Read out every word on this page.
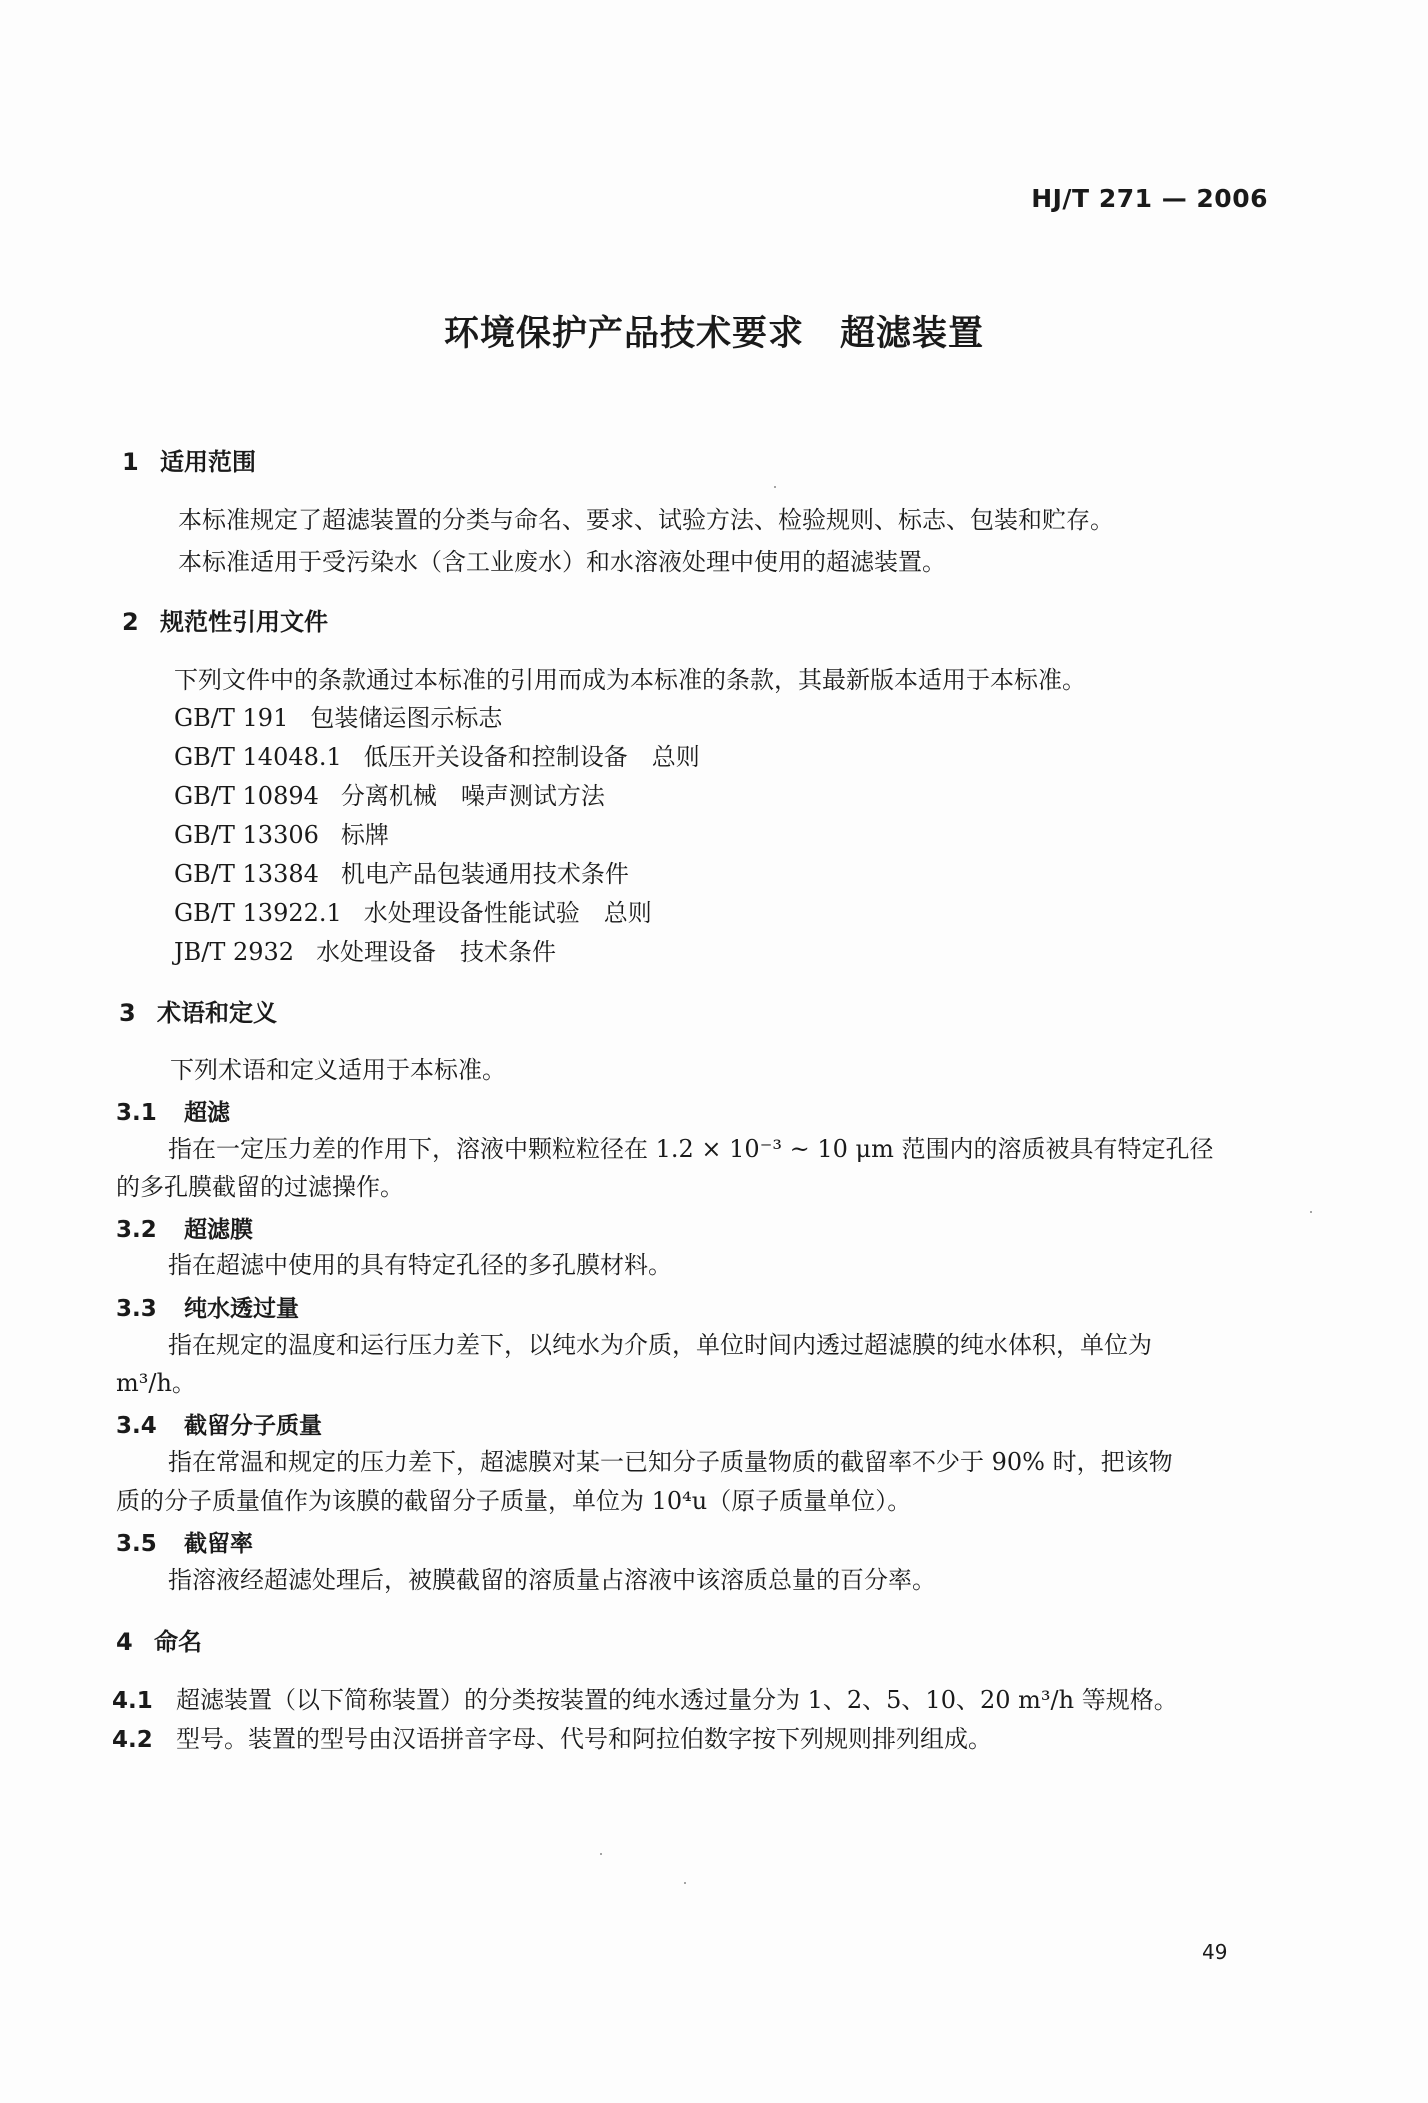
HJ/T 271 — 2006
环境保护产品技术要求　超滤装置
1 适用范围
本标准规定了超滤装置的分类与命名、要求、试验方法、检验规则、标志、包装和贮存。
本标准适用于受污染水（含工业废水）和水溶液处理中使用的超滤装置。
2 规范性引用文件
下列文件中的条款通过本标准的引用而成为本标准的条款，其最新版本适用于本标准。
GB/T 191 包装储运图示标志
GB/T 14048.1 低压开关设备和控制设备　总则
GB/T 10894 分离机械　噪声测试方法
GB/T 13306 标牌
GB/T 13384 机电产品包装通用技术条件
GB/T 13922.1 水处理设备性能试验　总则
JB/T 2932 水处理设备　技术条件
3 术语和定义
下列术语和定义适用于本标准。
3.1 超滤
指在一定压力差的作用下，溶液中颗粒粒径在 1.2 × 10⁻³ ~ 10 μm 范围内的溶质被具有特定孔径
的多孔膜截留的过滤操作。
3.2 超滤膜
指在超滤中使用的具有特定孔径的多孔膜材料。
3.3 纯水透过量
指在规定的温度和运行压力差下，以纯水为介质，单位时间内透过超滤膜的纯水体积，单位为
m³/h。
3.4 截留分子质量
指在常温和规定的压力差下，超滤膜对某一已知分子质量物质的截留率不少于 90% 时，把该物
质的分子质量值作为该膜的截留分子质量，单位为 10⁴u（原子质量单位）。
3.5 截留率
指溶液经超滤处理后，被膜截留的溶质量占溶液中该溶质总量的百分率。
4 命名
4.1 超滤装置（以下简称装置）的分类按装置的纯水透过量分为 1、2、5、10、20 m³/h 等规格。
4.2 型号。装置的型号由汉语拼音字母、代号和阿拉伯数字按下列规则排列组成。
49
